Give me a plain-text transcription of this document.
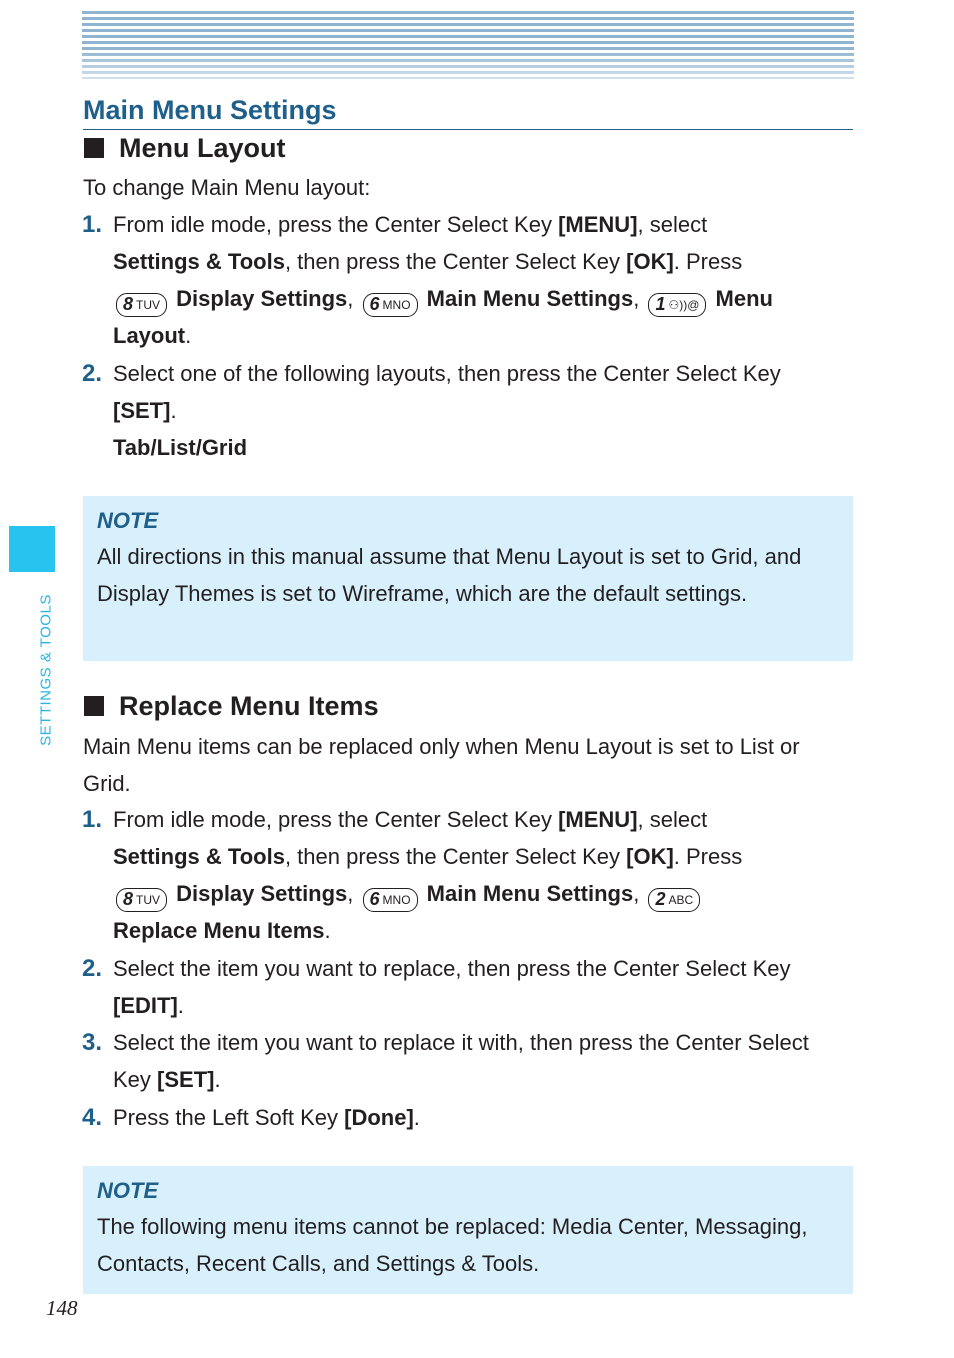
Main Menu Settings
Menu Layout
To change Main Menu layout:
1. From idle mode, press the Center Select Key [MENU], select
Settings & Tools, then press the Center Select Key [OK]. Press
8 TUV Display Settings, 6 MNO Main Menu Settings, 1 ⚇))@ Menu Layout.
2. Select one of the following layouts, then press the Center Select Key [SET].
Tab/List/Grid
NOTE
All directions in this manual assume that Menu Layout is set to Grid, and Display Themes is set to Wireframe, which are the default settings.
Replace Menu Items
Main Menu items can be replaced only when Menu Layout is set to List or Grid.
1. From idle mode, press the Center Select Key [MENU], select
Settings & Tools, then press the Center Select Key [OK]. Press
8 TUV Display Settings, 6 MNO Main Menu Settings, 2 ABC
Replace Menu Items.
2. Select the item you want to replace, then press the Center Select Key [EDIT].
3. Select the item you want to replace it with, then press the Center Select Key [SET].
4. Press the Left Soft Key [Done].
NOTE
The following menu items cannot be replaced: Media Center, Messaging, Contacts, Recent Calls, and Settings & Tools.
SETTINGS & TOOLS
148
